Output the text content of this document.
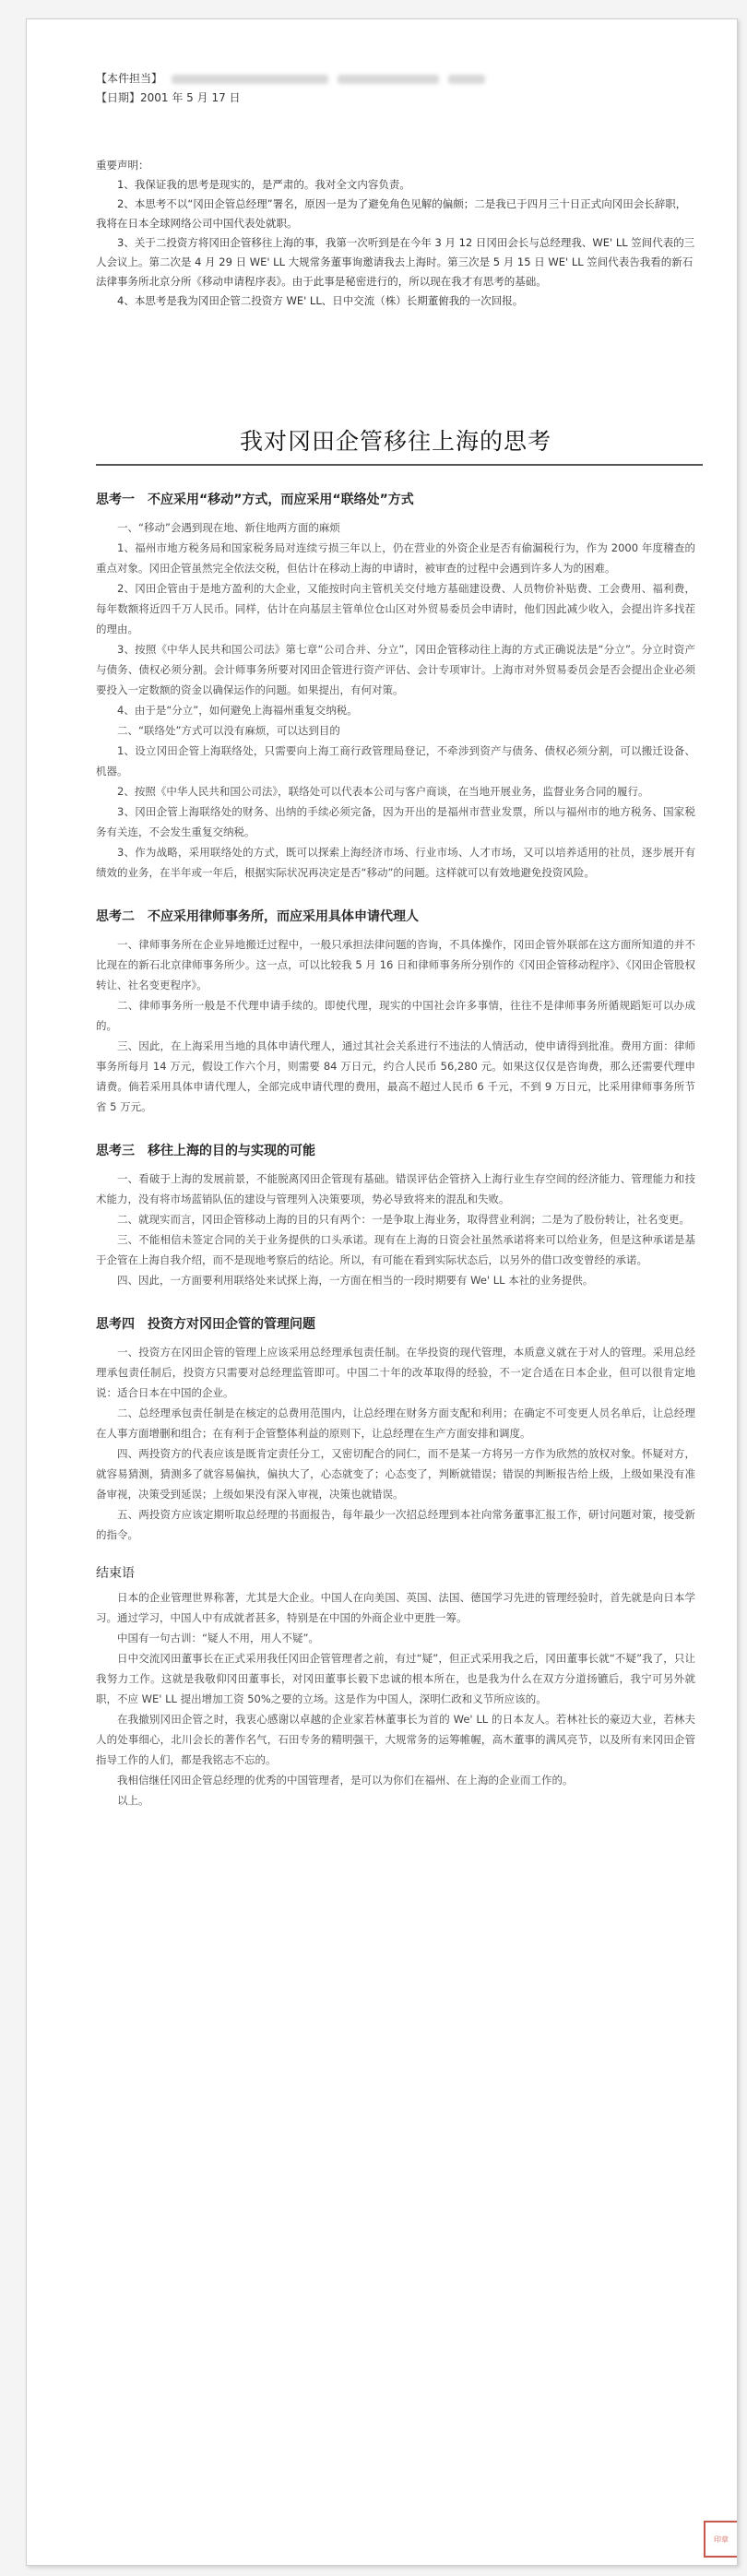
【本件担当】
【日期】2001 年 5 月 17 日
重要声明：
1、我保证我的思考是现实的，是严肃的。我对全文内容负责。
2、本思考不以“冈田企管总经理”署名，原因一是为了避免角色见解的偏颇；二是我已于四月三十日正式向冈田会长辞职，我将在日本全球网络公司中国代表处就职。
3、关于二投资方将冈田企管移往上海的事，我第一次听到是在今年 3 月 12 日冈田会长与总经理我、WE' LL 笠间代表的三人会议上。第二次是 4 月 29 日 WE' LL 大规常务董事询邀请我去上海时。第三次是 5 月 15 日 WE' LL 笠间代表告我看的新石法律事务所北京分所《移动申请程序表》。由于此事是秘密进行的，所以现在我才有思考的基础。
4、本思考是我为冈田企管二投资方 WE' LL、日中交流（株）长期董俯我的一次回报。
我对冈田企管移往上海的思考
思考一　不应采用“移动”方式，而应采用“联络处”方式
一、“移动”会遇到现在地、新住地两方面的麻烦
1、福州市地方税务局和国家税务局对连续亏损三年以上，仍在营业的外资企业是否有偷漏税行为，作为 2000 年度稽查的重点对象。冈田企管虽然完全依法交税，但估计在移动上海的申请时，被审查的过程中会遇到许多人为的困难。
2、冈田企管由于是地方盈利的大企业，又能按时向主管机关交付地方基础建设费、人员物价补贴费、工会费用、福利费，每年数额将近四千万人民币。同样，估计在向基层主管单位仓山区对外贸易委员会申请时，他们因此减少收入，会提出许多找茬的理由。
3、按照《中华人民共和国公司法》第七章“公司合并、分立”，冈田企管移动往上海的方式正确说法是“分立”。分立时资产与债务、债权必须分割。会计师事务所要对冈田企管进行资产评估、会计专项审计。上海市对外贸易委员会是否会提出企业必须要投入一定数额的资金以确保运作的问题。如果提出，有何对策。
4、由于是“分立”，如何避免上海福州重复交纳税。
二、“联络处”方式可以没有麻烦，可以达到目的
1、设立冈田企管上海联络处，只需要向上海工商行政管理局登记，不牵涉到资产与债务、债权必须分割，可以搬迁设备、机器。
2、按照《中华人民共和国公司法》，联络处可以代表本公司与客户商谈，在当地开展业务，监督业务合同的履行。
3、冈田企管上海联络处的财务、出纳的手续必须完备，因为开出的是福州市营业发票，所以与福州市的地方税务、国家税务有关连，不会发生重复交纳税。
3、作为战略，采用联络处的方式，既可以探索上海经济市场、行业市场、人才市场，又可以培养适用的社员，逐步展开有绩效的业务，在半年或一年后，根据实际状况再决定是否“移动”的问题。这样就可以有效地避免投资风险。
思考二　不应采用律师事务所，而应采用具体申请代理人
一、律师事务所在企业异地搬迁过程中，一般只承担法律问题的咨询，不具体操作，冈田企管外联部在这方面所知道的并不比现在的新石北京律师事务所少。这一点，可以比较我 5 月 16 日和律师事务所分别作的《冈田企管移动程序》、《冈田企管股权转让、社名变更程序》。
二、律师事务所一般是不代理申请手续的。即使代理，现实的中国社会许多事情，往往不是律师事务所循规蹈矩可以办成的。
三、因此，在上海采用当地的具体申请代理人，通过其社会关系进行不违法的人情活动，使申请得到批准。费用方面：律师事务所每月 14 万元，假设工作六个月，则需要 84 万日元，约合人民币 56,280 元。如果这仅仅是咨询费，那么还需要代理申请费。倘若采用具体申请代理人，全部完成申请代理的费用，最高不超过人民币 6 千元，不到 9 万日元，比采用律师事务所节省 5 万元。
思考三　移往上海的目的与实现的可能
一、看破于上海的发展前景，不能脱离冈田企管现有基础。错误评估企管挤入上海行业生存空间的经济能力、管理能力和技术能力，没有将市场蓝销队伍的建设与管理列入决策要项，势必导致将来的混乱和失败。
二、就现实而言，冈田企管移动上海的目的只有两个：一是争取上海业务，取得营业利润；二是为了股份转让，社名变更。
三、不能相信未签定合同的关于业务提供的口头承诺。现有在上海的日资会社虽然承诺将来可以给业务，但是这种承诺是基于企管在上海自我介绍，而不是现地考察后的结论。所以，有可能在看到实际状态后，以另外的借口改变曾经的承诺。
四、因此，一方面要利用联络处来试探上海，一方面在相当的一段时期要有 We' LL 本社的业务提供。
思考四　投资方对冈田企管的管理问题
一、投资方在冈田企管的管理上应该采用总经理承包责任制。在华投资的现代管理，本质意义就在于对人的管理。采用总经理承包责任制后，投资方只需要对总经理监管即可。中国二十年的改革取得的经验，不一定合适在日本企业，但可以很肯定地说：适合日本在中国的企业。
二、总经理承包责任制是在核定的总费用范围内，让总经理在财务方面支配和利用；在确定不可变更人员名单后，让总经理在人事方面增删和组合；在有利于企管整体利益的原则下，让总经理在生产方面安排和调度。
四、两投资方的代表应该是既肯定责任分工，又密切配合的同仁，而不是某一方将另一方作为欣然的放权对象。怀疑对方，就容易猜测，猜测多了就容易偏执，偏执大了，心态就变了；心态变了，判断就错误；错误的判断报告给上级，上级如果没有准备审视，决策受到延误；上级如果没有深入审视，决策也就错误。
五、两投资方应该定期听取总经理的书面报告，每年最少一次招总经理到本社向常务董事汇报工作，研讨问题对策，接受新的指令。
结束语
日本的企业管理世界称著，尤其是大企业。中国人在向美国、英国、法国、德国学习先进的管理经验时，首先就是向日本学习。通过学习，中国人中有成就者甚多，特别是在中国的外商企业中更胜一筹。
中国有一句古训：“疑人不用，用人不疑”。
日中交流冈田董事长在正式采用我任冈田企管管理者之前，有过“疑”，但正式采用我之后，冈田董事长就“不疑”我了，只让我努力工作。这就是我敬仰冈田董事长，对冈田董事长毅下忠诚的根本所在，也是我为什么在双方分道扬镳后，我宁可另外就职，不应 WE' LL 提出增加工资 50%之要的立场。这是作为中国人，深明仁政和义节所应该的。
在我撤别冈田企管之时，我衷心感谢以卓越的企业家若林董事长为首的 We' LL 的日本友人。若林社长的豪迈大业，若林夫人的处事细心，北川会长的著作名气，石田专务的精明强干，大规常务的运筹帷幄，高木董事的满风亮节，以及所有来冈田企管指导工作的人们，都是我铭志不忘的。
我相信继任冈田企管总经理的优秀的中国管理者，是可以为你们在福州、在上海的企业而工作的。
以上。
印章
